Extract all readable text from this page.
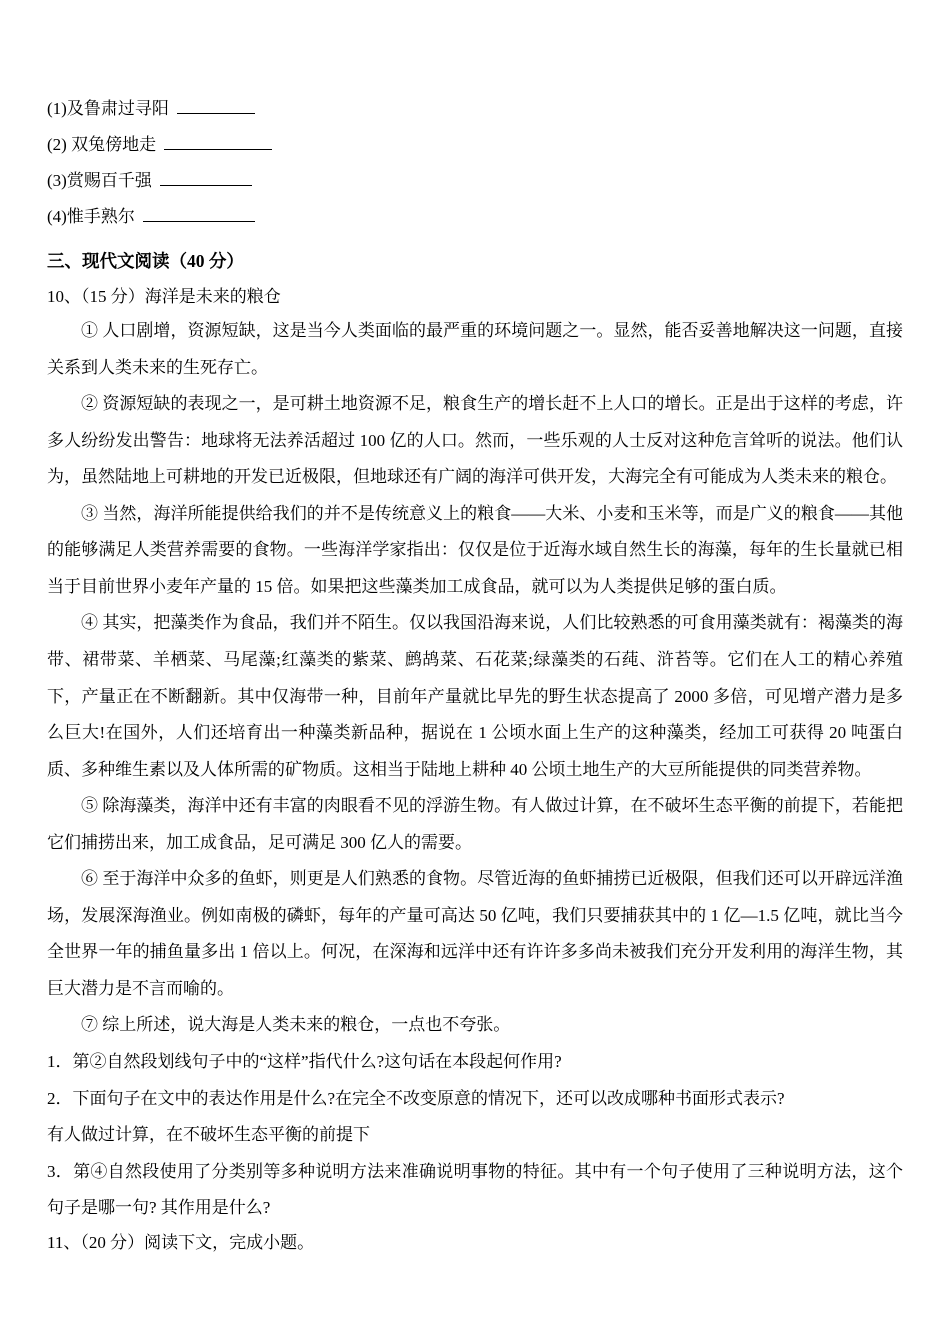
(1)及鲁肃过寻阳
(2) 双兔傍地走
(3)赏赐百千强
(4)惟手熟尔
三、现代文阅读（40 分）
10、（15 分）海洋是未来的粮仓

① 人口剧增，资源短缺，这是当今人类面临的最严重的环境问题之一。显然，能否妥善地解决这一问题，直接关系到人类未来的生死存亡。

② 资源短缺的表现之一，是可耕土地资源不足，粮食生产的增长赶不上人口的增长。正是出于这样的考虑，许多人纷纷发出警告：地球将无法养活超过 100 亿的人口。然而，一些乐观的人士反对这种危言耸听的说法。他们认为，虽然陆地上可耕地的开发已近极限，但地球还有广阔的海洋可供开发，大海完全有可能成为人类未来的粮仓。

③ 当然，海洋所能提供给我们的并不是传统意义上的粮食——大米、小麦和玉米等，而是广义的粮食——其他的能够满足人类营养需要的食物。一些海洋学家指出：仅仅是位于近海水域自然生长的海藻，每年的生长量就已相当于目前世界小麦年产量的 15 倍。如果把这些藻类加工成食品，就可以为人类提供足够的蛋白质。

④ 其实，把藻类作为食品，我们并不陌生。仅以我国沿海来说，人们比较熟悉的可食用藻类就有：褐藻类的海带、裙带菜、羊栖菜、马尾藻;红藻类的紫菜、鹧鸪菜、石花菜;绿藻类的石莼、浒苔等。它们在人工的精心养殖下，产量正在不断翻新。其中仅海带一种，目前年产量就比早先的野生状态提高了 2000 多倍，可见增产潜力是多么巨大!在国外，人们还培育出一种藻类新品种，据说在 1 公顷水面上生产的这种藻类，经加工可获得 20 吨蛋白质、多种维生素以及人体所需的矿物质。这相当于陆地上耕种 40 公顷土地生产的大豆所能提供的同类营养物。

⑤ 除海藻类，海洋中还有丰富的肉眼看不见的浮游生物。有人做过计算，在不破坏生态平衡的前提下，若能把它们捕捞出来，加工成食品，足可满足 300 亿人的需要。

⑥ 至于海洋中众多的鱼虾，则更是人们熟悉的食物。尽管近海的鱼虾捕捞已近极限，但我们还可以开辟远洋渔场，发展深海渔业。例如南极的磷虾，每年的产量可高达 50 亿吨，我们只要捕获其中的 1 亿—1.5 亿吨，就比当今全世界一年的捕鱼量多出 1 倍以上。何况，在深海和远洋中还有许许多多尚未被我们充分开发利用的海洋生物，其巨大潜力是不言而喻的。

⑦ 综上所述，说大海是人类未来的粮仓，一点也不夸张。

1．第②自然段划线句子中的“这样”指代什么?这句话在本段起何作用?

2．下面句子在文中的表达作用是什么?在完全不改变原意的情况下，还可以改成哪种书面形式表示?

有人做过计算，在不破坏生态平衡的前提下

3．第④自然段使用了分类别等多种说明方法来准确说明事物的特征。其中有一个句子使用了三种说明方法，这个句子是哪一句? 其作用是什么?

11、（20 分）阅读下文，完成小题。
